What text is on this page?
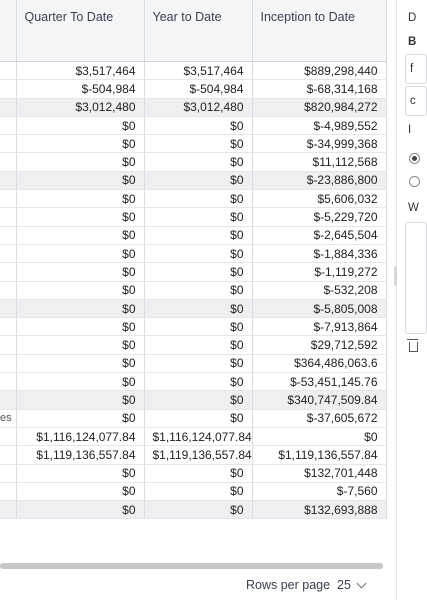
	Quarter To Date	Year to Date	Inception to Date
	$3,517,464	$3,517,464	$889,298,440
	$-504,984	$-504,984	$-68,314,168
	$3,012,480	$3,012,480	$820,984,272
	$0	$0	$-4,989,552
	$0	$0	$-34,999,368
	$0	$0	$11,112,568
	$0	$0	$-23,886,800
	$0	$0	$5,606,032
	$0	$0	$-5,229,720
	$0	$0	$-2,645,504
	$0	$0	$-1,884,336
	$0	$0	$-1,119,272
	$0	$0	$-532,208
	$0	$0	$-5,805,008
	$0	$0	$-7,913,864
	$0	$0	$29,712,592
	$0	$0	$364,486,063.6
	$0	$0	$-53,451,145.76
	$0	$0	$340,747,509.84
es	$0	$0	$-37,605,672
	$1,116,124,077.84	$1,116,124,077.84	$0
	$1,119,136,557.84	$1,119,136,557.84	$1,119,136,557.84
	$0	$0	$132,701,448
	$0	$0	$-7,560
	$0	$0	$132,693,888
Rows per page 25
D
B
f
c
I
W
